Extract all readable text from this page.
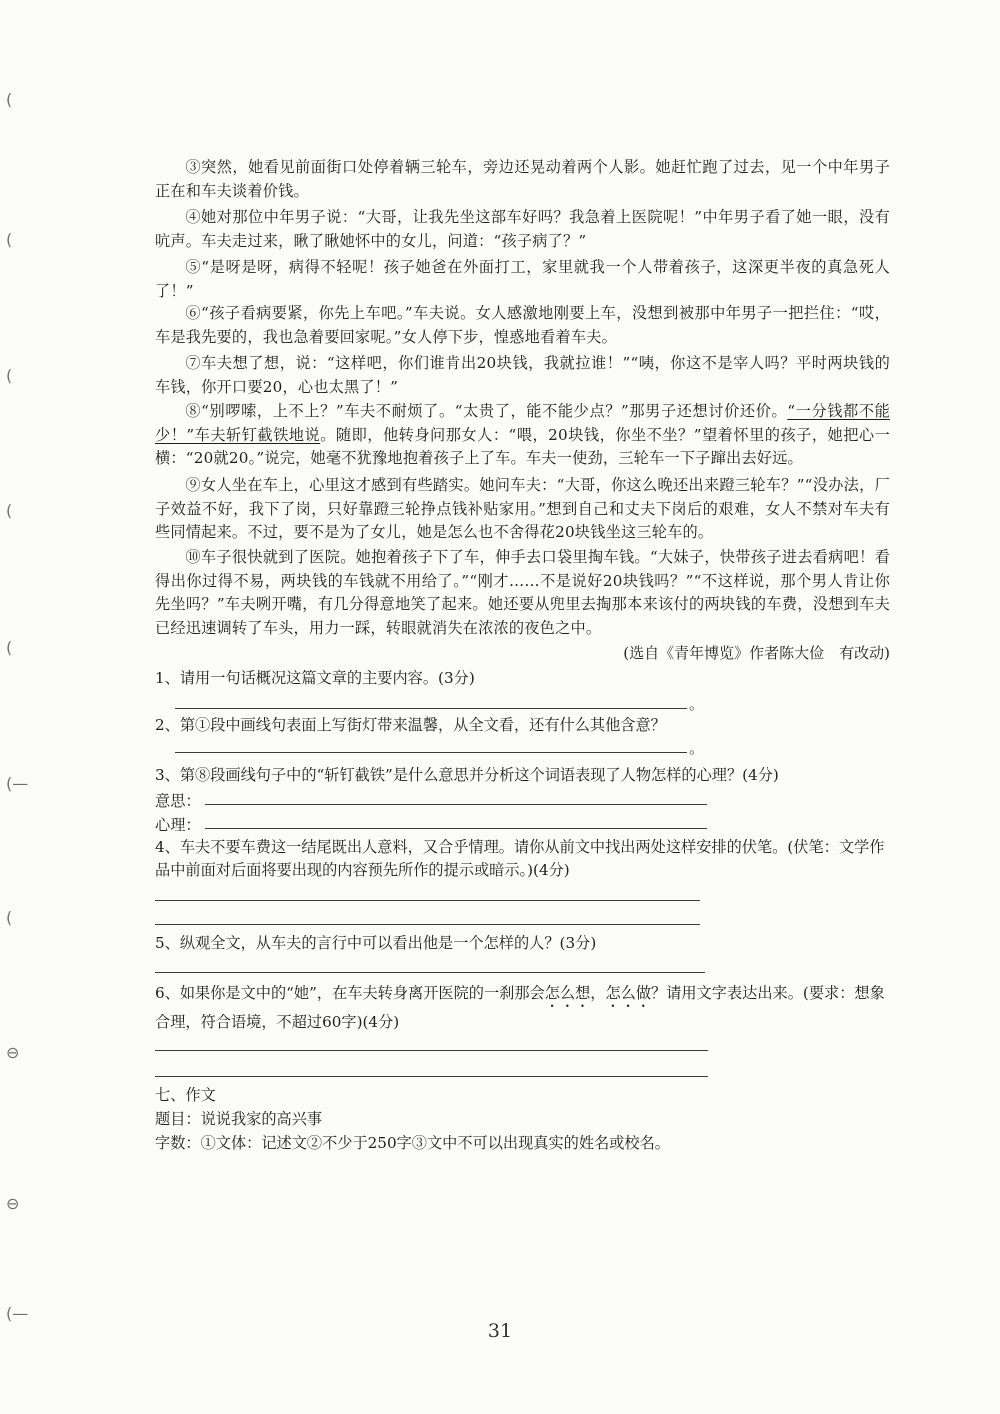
(
(
(
(
(
(—
(
⊖
⊖
(—

③突然，她看见前面街口处停着辆三轮车，旁边还晃动着两个人影。她赶忙跑了过去，见一个中年男子正在和车夫谈着价钱。

④她对那位中年男子说：“大哥，让我先坐这部车好吗？我急着上医院呢！”中年男子看了她一眼，没有吭声。车夫走过来，瞅了瞅她怀中的女儿，问道：“孩子病了？”

⑤“是呀是呀，病得不轻呢！孩子她爸在外面打工，家里就我一个人带着孩子，这深更半夜的真急死人了！”

⑥“孩子看病要紧，你先上车吧。”车夫说。女人感激地刚要上车，没想到被那中年男子一把拦住：“哎，车是我先要的，我也急着要回家呢。”女人停下步，惶惑地看着车夫。

⑦车夫想了想，说：“这样吧，你们谁肯出20块钱，我就拉谁！”“咦，你这不是宰人吗？平时两块钱的车钱，你开口要20，心也太黑了！”

⑧“别啰嗦，上不上？”车夫不耐烦了。“太贵了，能不能少点？”那男子还想讨价还价。“一分钱都不能少！”车夫斩钉截铁地说。随即，他转身问那女人：“喂，20块钱，你坐不坐？”望着怀里的孩子，她把心一横：“20就20。”说完，她毫不犹豫地抱着孩子上了车。车夫一使劲，三轮车一下子蹿出去好远。

⑨女人坐在车上，心里这才感到有些踏实。她问车夫：“大哥，你这么晚还出来蹬三轮车？”“没办法，厂子效益不好，我下了岗，只好靠蹬三轮挣点钱补贴家用。”想到自己和丈夫下岗后的艰难，女人不禁对车夫有些同情起来。不过，要不是为了女儿，她是怎么也不舍得花20块钱坐这三轮车的。

⑩车子很快就到了医院。她抱着孩子下了车，伸手去口袋里掏车钱。“大妹子，快带孩子进去看病吧！看得出你过得不易，两块钱的车钱就不用给了。”“刚才……不是说好20块钱吗？”“不这样说，那个男人肯让你先坐吗？”车夫咧开嘴，有几分得意地笑了起来。她还要从兜里去掏那本来该付的两块钱的车费，没想到车夫已经迅速调转了车头，用力一踩，转眼就消失在浓浓的夜色之中。

(选自《青年博览》作者陈大俭　有改动)

1、请用一句话概况这篇文章的主要内容。(3分)

。

2、第①段中画线句表面上写街灯带来温馨，从全文看，还有什么其他含意？

。

3、第⑧段画线句子中的“斩钉截铁”是什么意思并分析这个词语表现了人物怎样的心理？(4分)

意思：
心理：

4、车夫不要车费这一结尾既出人意料，又合乎情理。请你从前文中找出两处这样安排的伏笔。(伏笔：文学作品中前面对后面将要出现的内容预先所作的提示或暗示。)(4分)

5、纵观全文，从车夫的言行中可以看出他是一个怎样的人？(3分)

6、如果你是文中的“她”，在车夫转身离开医院的一刹那会怎么想，怎么做？请用文字表达出来。(要求：想象合理，符合语境，不超过60字)(4分)

七、作文
题目：说说我家的高兴事
字数：①文体：记述文②不少于250字③文中不可以出现真实的姓名或校名。
31
